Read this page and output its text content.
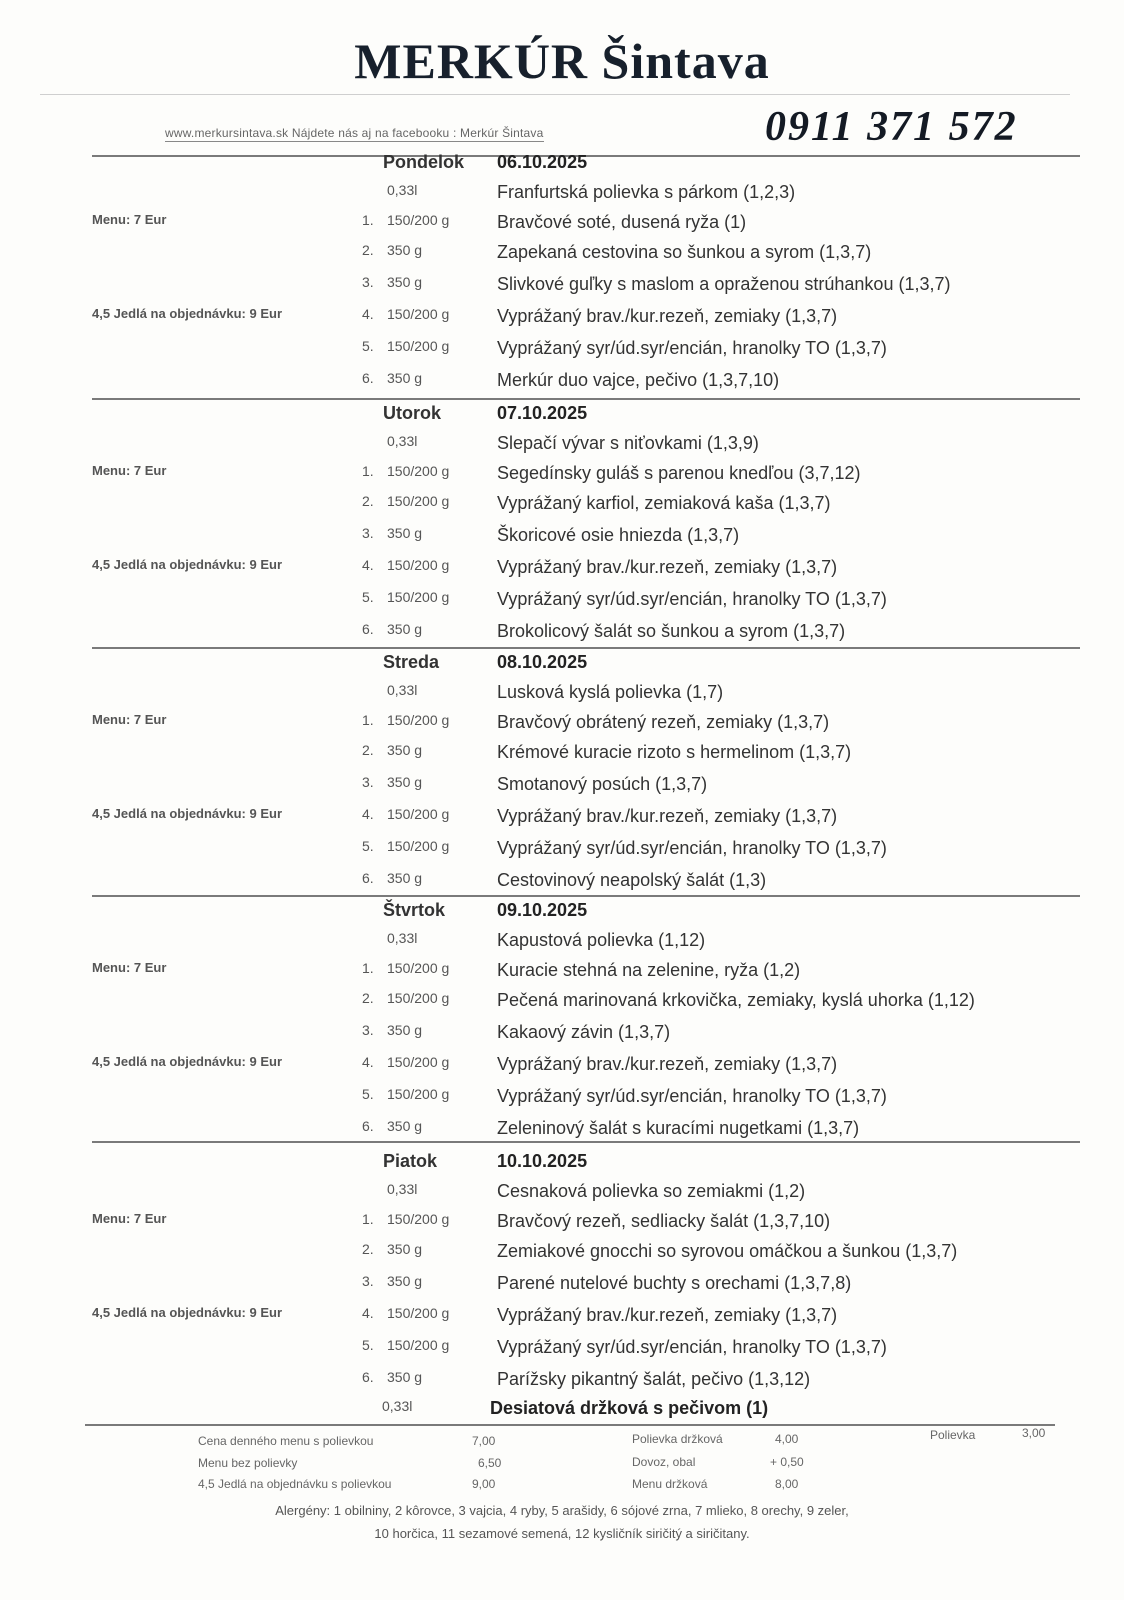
MERKÚR Šintava
www.merkursintava.sk Nájdete nás aj na facebooku : Merkúr Šintava	0911 371 572
Pondelok 06.10.2025
0,33l	Franfurtská polievka s párkom (1,2,3)
Menu: 7 Eur	1. 150/200 g	Bravčové soté, dusená ryža (1)
2. 350 g	Zapekaná cestovina so šunkou a syrom (1,3,7)
3. 350 g	Slivkové guľky s maslom a opraženou strúhankou (1,3,7)
4,5 Jedlá na objednávku: 9 Eur	4. 150/200 g	Vyprážaný brav./kur.rezeň, zemiaky (1,3,7)
5. 150/200 g	Vyprážaný syr/úd.syr/encián, hranolky TO (1,3,7)
6. 350 g	Merkúr duo vajce, pečivo (1,3,7,10)
Utorok	07.10.2025
0,33l	Slepačí vývar s niťovkami (1,3,9)
Menu: 7 Eur	1. 150/200 g	Segedínsky guláš s parenou knedľou (3,7,12)
2. 150/200 g	Vyprážaný karfiol, zemiaková kaša (1,3,7)
3. 350 g	Škoricové osie hniezda (1,3,7)
4,5 Jedlá na objednávku: 9 Eur	4. 150/200 g	Vyprážaný brav./kur.rezeň, zemiaky (1,3,7)
5. 150/200 g	Vyprážaný syr/úd.syr/encián, hranolky TO (1,3,7)
6. 350 g	Brokolicový šalát so šunkou a syrom (1,3,7)
Streda	08.10.2025
0,33l	Lusková kyslá polievka (1,7)
Menu: 7 Eur	1. 150/200 g	Bravčový obrátený rezeň, zemiaky (1,3,7)
2. 350 g	Krémové kuracie rizoto s hermelinom (1,3,7)
3. 350 g	Smotanový posúch (1,3,7)
4,5 Jedlá na objednávku: 9 Eur	4. 150/200 g	Vyprážaný brav./kur.rezeň, zemiaky (1,3,7)
5. 150/200 g	Vyprážaný syr/úd.syr/encián, hranolky TO (1,3,7)
6. 350 g	Cestovinový neapolský šalát (1,3)
Štvrtok	09.10.2025
0,33l	Kapustová polievka (1,12)
Menu: 7 Eur	1. 150/200 g	Kuracie stehná na zelenine, ryža (1,2)
2. 150/200 g	Pečená marinovaná krkovička, zemiaky, kyslá uhorka (1,12)
3. 350 g	Kakaový závin (1,3,7)
4,5 Jedlá na objednávku: 9 Eur	4. 150/200 g	Vyprážaný brav./kur.rezeň, zemiaky (1,3,7)
5. 150/200 g	Vyprážaný syr/úd.syr/encián, hranolky TO (1,3,7)
6. 350 g	Zeleninový šalát s kuracími nugetkami (1,3,7)
Piatok	10.10.2025
0,33l	Cesnaková polievka so zemiakmi (1,2)
Menu: 7 Eur	1. 150/200 g	Bravčový rezeň, sedliacky šalát (1,3,7,10)
2. 350 g	Zemiakové gnocchi so syrovou omáčkou a šunkou (1,3,7)
3. 350 g	Parené nutelové buchty s orechami (1,3,7,8)
4,5 Jedlá na objednávku: 9 Eur	4. 150/200 g	Vyprážaný brav./kur.rezeň, zemiaky (1,3,7)
5. 150/200 g	Vyprážaný syr/úd.syr/encián, hranolky TO (1,3,7)
6. 350 g	Parížsky pikantný šalát, pečivo (1,3,12)
0,33l	Desiatová držková s pečivom (1)
Cena denného menu s polievkou	7,00
Menu bez polievky	6,50
4,5 Jedlá na objednávku s polievkou	9,00
Polievka držková	4,00
Dovoz, obal	+ 0,50
Menu držková	8,00
Polievka	3,00
Alergény: 1 obilniny, 2 kôrovce, 3 vajcia, 4 ryby, 5 arašidy, 6 sójové zrna, 7 mlieko, 8 orechy, 9 zeler,
10 horčica, 11 sezamové semená, 12 kysličník siričitý a siričitany.
